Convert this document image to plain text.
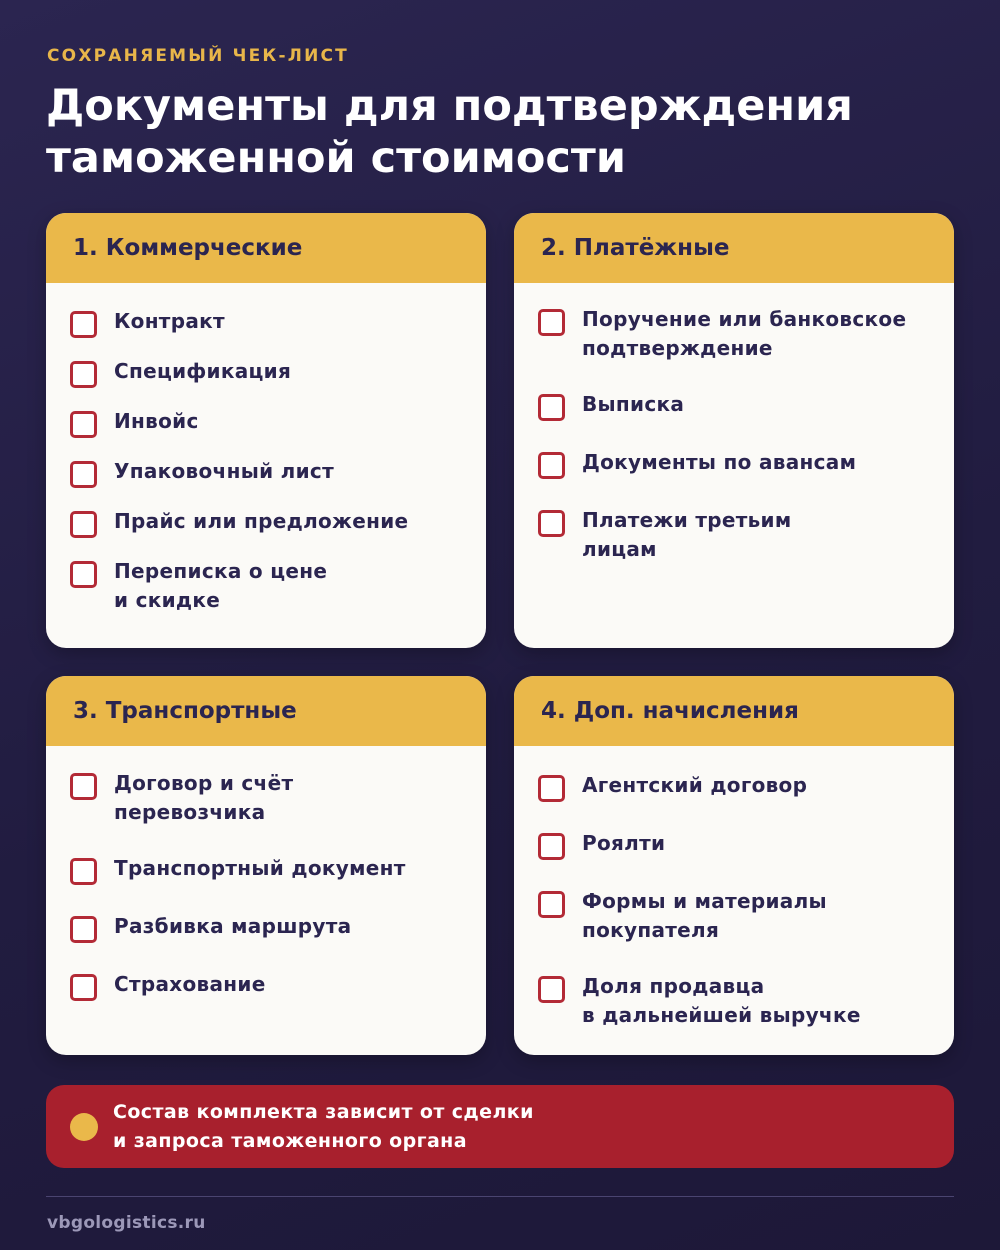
СОХРАНЯЕМЫЙ ЧЕК-ЛИСТ
Документы для подтверждения таможенной стоимости
1. Коммерческие
Контракт
Спецификация
Инвойс
Упаковочный лист
Прайс или предложение
Переписка о цене
и скидке
2. Платёжные
Поручение или банковское
подтверждение
Выписка
Документы по авансам
Платежи третьим
лицам
3. Транспортные
Договор и счёт
перевозчика
Транспортный документ
Разбивка маршрута
Страхование
4. Доп. начисления
Агентский договор
Роялти
Формы и материалы
покупателя
Доля продавца
в дальнейшей выручке
Состав комплекта зависит от сделки
и запроса таможенного органа
vbgologistics.ru
